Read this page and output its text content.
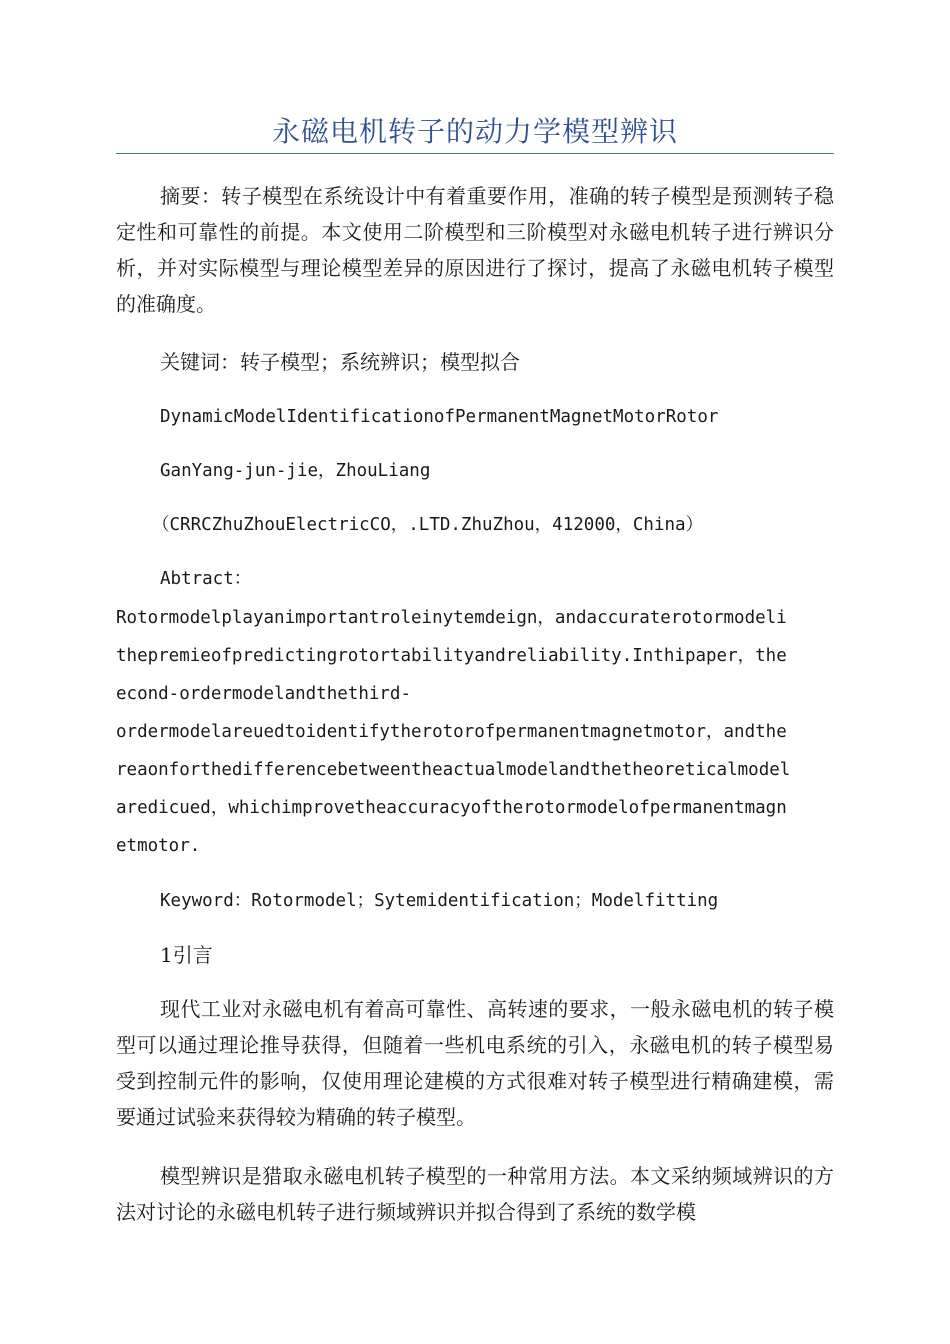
永磁电机转子的动力学模型辨识

摘要：转子模型在系统设计中有着重要作用，准确的转子模型是预测转子稳定性和可靠性的前提。本文使用二阶模型和三阶模型对永磁电机转子进行辨识分析，并对实际模型与理论模型差异的原因进行了探讨，提高了永磁电机转子模型的准确度。

关键词：转子模型；系统辨识；模型拟合

DynamicModelIdentificationofPermanentMagnetMotorRotor

GanYang-jun-jie，ZhouLiang

（CRRCZhuZhouElectricCO，.LTD.ZhuZhou，412000，China）

Abtract：

Rotormodelplayanimportantroleinytemdeign，andaccuraterotormodeli

thepremieofpredictingrotortabilityandreliability.Inthipaper，the

econd-ordermodelandthethird-

ordermodelareuedtoidentifytherotorofpermanentmagnetmotor，andthe

reaonforthedifferencebetweentheactualmodelandthetheoreticalmodel

aredicued，whichimprovetheaccuracyoftherotormodelofpermanentmagn

etmotor.

Keyword：Rotormodel；Sytemidentification；Modelfitting

1引言

现代工业对永磁电机有着高可靠性、高转速的要求，一般永磁电机的转子模型可以通过理论推导获得，但随着一些机电系统的引入，永磁电机的转子模型易受到控制元件的影响，仅使用理论建模的方式很难对转子模型进行精确建模，需要通过试验来获得较为精确的转子模型。

模型辨识是猎取永磁电机转子模型的一种常用方法。本文采纳频域辨识的方法对讨论的永磁电机转子进行频域辨识并拟合得到了系统的数学模
